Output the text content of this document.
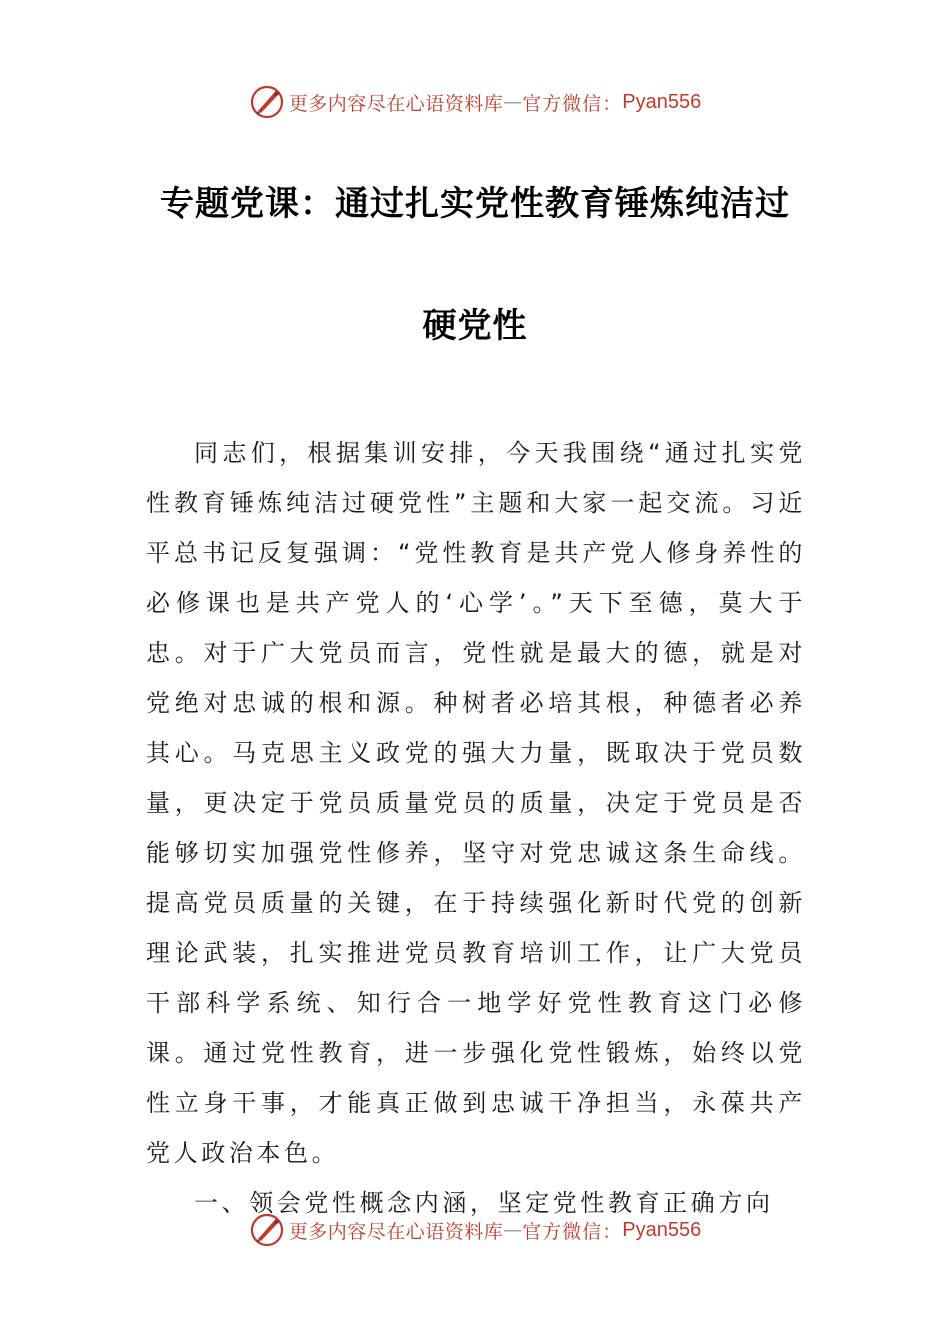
更多内容尽在心语资料库 — 官方微信： Pyan556
专题党课：通过扎实党性教育锤炼纯洁过
硬党性

同志们，根据集训安排，今天我围绕“通过扎实党性教育锤炼纯洁过硬党性”主题和大家一起交流。习近平总书记反复强调：“党性教育是共产党人修身养性的必修课也是共产党人的‘心学’。”天下至德，莫大于忠。对于广大党员而言，党性就是最大的德，就是对党绝对忠诚的根和源。种树者必培其根，种德者必养其心。马克思主义政党的强大力量，既取决于党员数量，更决定于党员质量党员的质量，决定于党员是否能够切实加强党性修养，坚守对党忠诚这条生命线。提高党员质量的关键，在于持续强化新时代党的创新理论武装，扎实推进党员教育培训工作，让广大党员干部科学系统、知行合一地学好党性教育这门必修课。通过党性教育，进一步强化党性锻炼，始终以党性立身干事，才能真正做到忠诚干净担当，永葆共产党人政治本色。

一、领会党性概念内涵，坚定党性教育正确方向

更多内容尽在心语资料库 — 官方微信： Pyan556
